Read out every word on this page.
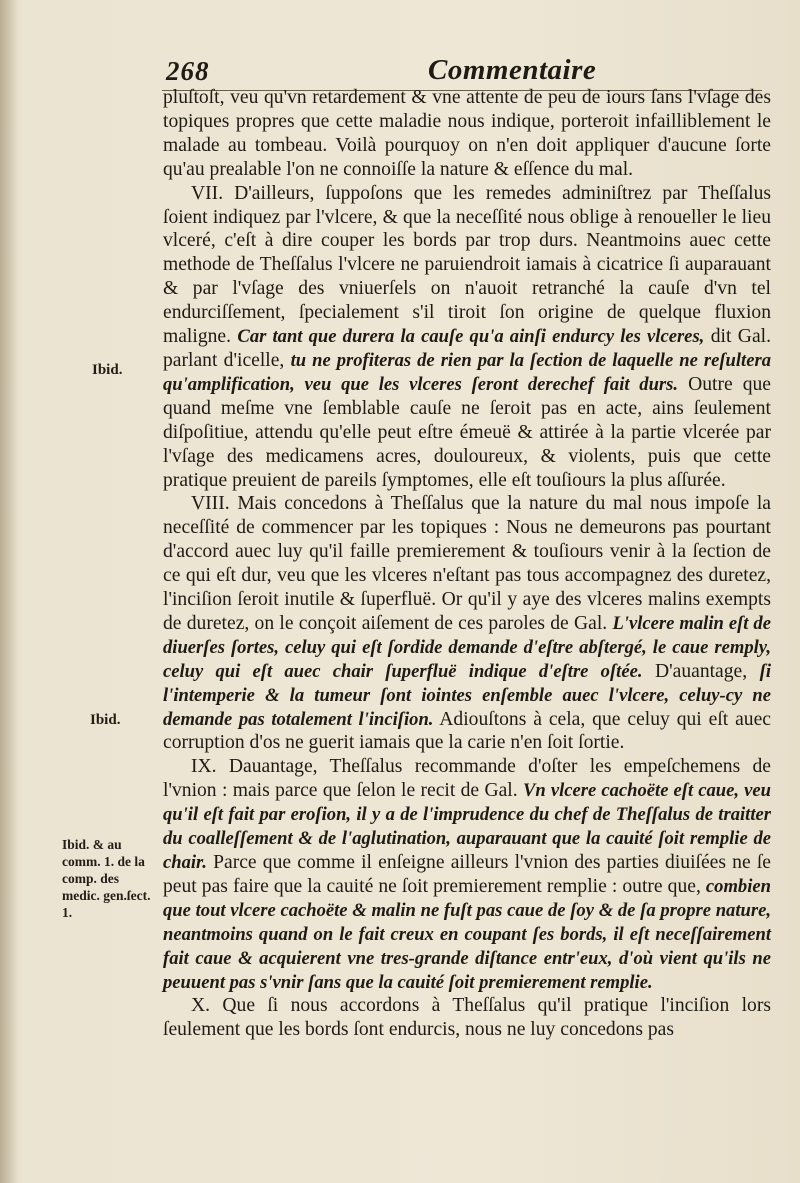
268	Commentaire

pluſtoſt, veu qu'vn retardement & vne attente de peu de iours ſans l'vſage des topiques propres que cette maladie nous indique, porteroit infailliblement le malade au tombeau. Voilà pourquoy on n'en doit appliquer d'aucune ſorte qu'au prealable l'on ne connoiſſe la nature & eſſence du mal.

VII. D'ailleurs, ſuppoſons que les remedes adminiſtrez par Theſſalus ſoient indiquez par l'vlcere, & que la neceſſité nous oblige à renoueller le lieu vlceré, c'eſt à dire couper les bords par trop durs. Neantmoins auec cette methode de Theſſalus l'vlcere ne paruiendroit iamais à cicatrice ſi auparauant & par l'vſage des vniuerſels on n'auoit retranché la cauſe d'vn tel endurciſſement, ſpecialement s'il tiroit ſon origine de quelque fluxion maligne. Car tant que durera la cauſe qu'a ainſi endurcy les vlceres, dit Gal. parlant d'icelle, tu ne profiteras de rien par la ſection de laquelle ne reſultera qu'amplification, veu que les vlceres ſeront derechef fait durs. Outre que quand meſme vne ſemblable cauſe ne ſeroit pas en acte, ains ſeulement diſpoſitiue, attendu qu'elle peut eſtre émeuë & attirée à la partie vlcerée par l'vſage des medicamens acres, douloureux, & violents, puis que cette pratique preuient de pareils ſymptomes, elle eſt touſiours la plus aſſurée.

VIII. Mais concedons à Theſſalus que la nature du mal nous impoſe la neceſſité de commencer par les topiques : Nous ne demeurons pas pourtant d'accord auec luy qu'il faille premierement & touſiours venir à la ſection de ce qui eſt dur, veu que les vlceres n'eſtant pas tous accompagnez des duretez, l'inciſion ſeroit inutile & ſuperfluë. Or qu'il y aye des vlceres malins exempts de duretez, on le conçoit aiſement de ces paroles de Gal. L'vlcere malin eſt de diuerſes ſortes, celuy qui eſt ſordide demande d'eſtre abſtergé, le caue remply, celuy qui eſt auec chair ſuperfluë indique d'eſtre oſtée. D'auantage, ſi l'intemperie & la tumeur ſont iointes enſemble auec l'vlcere, celuy-cy ne demande pas totalement l'inciſion. Adiouſtons à cela, que celuy qui eſt auec corruption d'os ne guerit iamais que la carie n'en ſoit ſortie.

IX. Dauantage, Theſſalus recommande d'oſter les empeſchemens de l'vnion : mais parce que ſelon le recit de Gal. Vn vlcere cachoëte eſt caue, veu qu'il eſt fait par eroſion, il y a de l'imprudence du chef de Theſſalus de traitter du coalleſſement & de l'aglutination, auparauant que la cauité ſoit remplie de chair. Parce que comme il enſeigne ailleurs l'vnion des parties diuiſées ne ſe peut pas faire que la cauité ne ſoit premierement remplie : outre que, combien que tout vlcere cachoëte & malin ne fuſt pas caue de ſoy & de ſa propre nature, neantmoins quand on le fait creux en coupant ſes bords, il eſt neceſſairement fait caue & acquierent vne tres-grande diſtance entr'eux, d'où vient qu'ils ne peuuent pas s'vnir ſans que la cauité ſoit premierement remplie.

X. Que ſi nous accordons à Theſſalus qu'il pratique l'inciſion lors ſeulement que les bords ſont endurcis, nous ne luy concedons pas

Ibid.
Ibid.
Ibid. & au comm. 1. de la comp. des medic. gen.ſect. 1.
